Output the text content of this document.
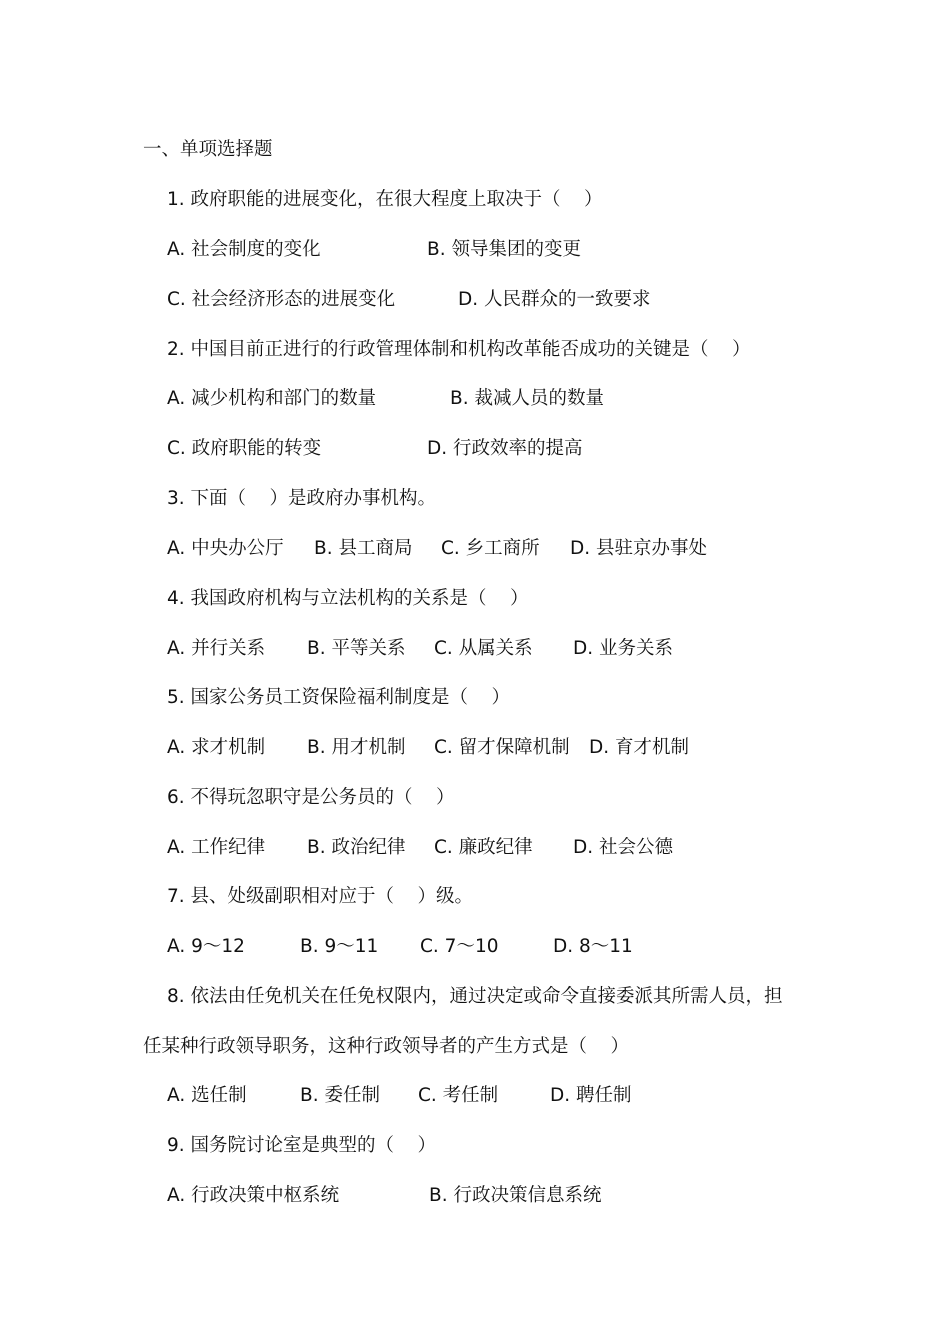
一、单项选择题
1. 政府职能的进展变化，在很大程度上取决于（    ）
A. 社会制度的变化	B. 领导集团的变更
C. 社会经济形态的进展变化	D. 人民群众的一致要求
2. 中国目前正进行的行政管理体制和机构改革能否成功的关键是（    ）
A. 减少机构和部门的数量	B. 裁减人员的数量
C. 政府职能的转变	D. 行政效率的提高
3. 下面（    ）是政府办事机构。
A. 中央办公厅 B. 县工商局 C. 乡工商所 D. 县驻京办事处
4. 我国政府机构与立法机构的关系是（    ）
A. 并行关系 B. 平等关系 C. 从属关系 D. 业务关系
5. 国家公务员工资保险福利制度是（    ）
A. 求才机制 B. 用才机制 C. 留才保障机制 D. 育才机制
6. 不得玩忽职守是公务员的（    ）
A. 工作纪律 B. 政治纪律 C. 廉政纪律 D. 社会公德
7. 县、处级副职相对应于（    ）级。
A. 9～12	B. 9～11 C. 7～10	D. 8～11
8. 依法由任免机关在任免权限内，通过决定或命令直接委派其所需人员，担
任某种行政领导职务，这种行政领导者的产生方式是（    ）
A. 选任制	B. 委任制 C. 考任制	D. 聘任制
9. 国务院讨论室是典型的（    ）
A. 行政决策中枢系统	B. 行政决策信息系统
